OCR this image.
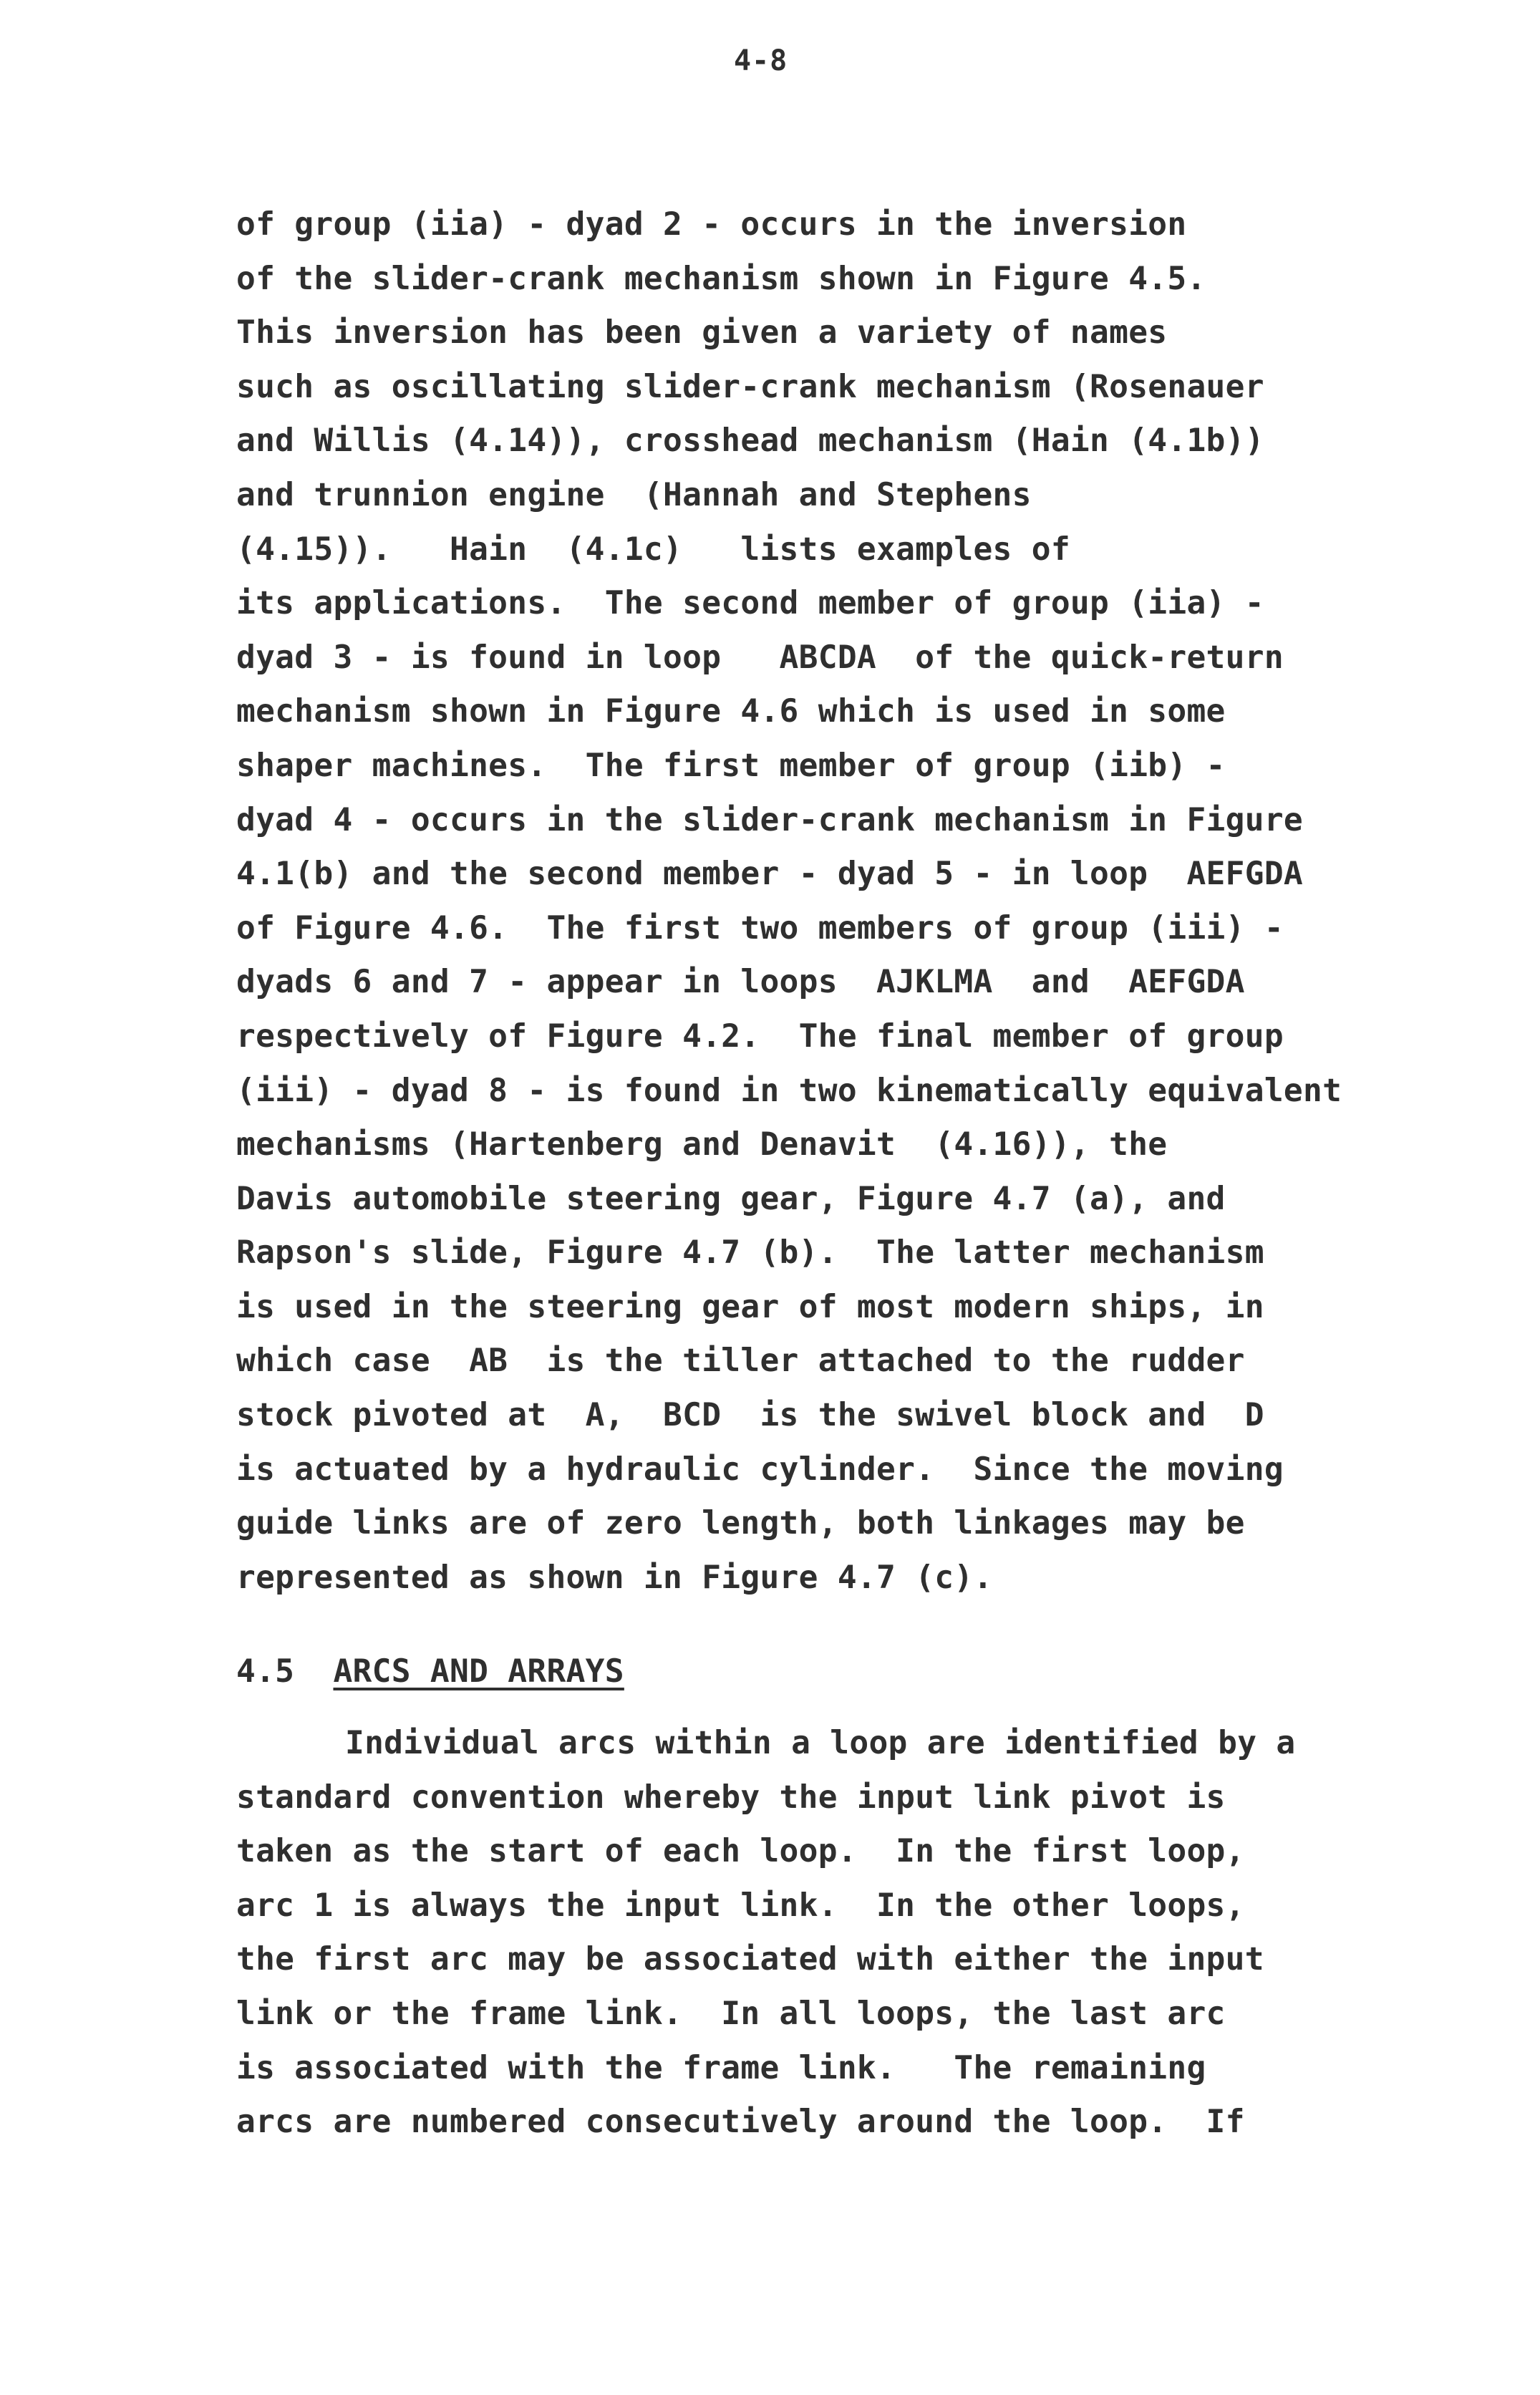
4-8
of group (iia) - dyad 2 - occurs in the inversion
of the slider-crank mechanism shown in Figure 4.5.
This inversion has been given a variety of names
such as oscillating slider-crank mechanism (Rosenauer
and Willis (4.14)), crosshead mechanism (Hain (4.1b))
and trunnion engine  (Hannah and Stephens
(4.15)).   Hain  (4.1c)   lists examples of
its applications.  The second member of group (iia) -
dyad 3 - is found in loop   ABCDA  of the quick-return
mechanism shown in Figure 4.6 which is used in some
shaper machines.  The first member of group (iib) -
dyad 4 - occurs in the slider-crank mechanism in Figure
4.1(b) and the second member - dyad 5 - in loop  AEFGDA
of Figure 4.6.  The first two members of group (iii) -
dyads 6 and 7 - appear in loops  AJKLMA  and  AEFGDA
respectively of Figure 4.2.  The final member of group
(iii) - dyad 8 - is found in two kinematically equivalent
mechanisms (Hartenberg and Denavit  (4.16)), the
Davis automobile steering gear, Figure 4.7 (a), and
Rapson's slide, Figure 4.7 (b).  The latter mechanism
is used in the steering gear of most modern ships, in
which case  AB  is the tiller attached to the rudder
stock pivoted at  A,  BCD  is the swivel block and  D
is actuated by a hydraulic cylinder.  Since the moving
guide links are of zero length, both linkages may be
represented as shown in Figure 4.7 (c).
4.5 ARCS AND ARRAYS
Individual arcs within a loop are identified by a
standard convention whereby the input link pivot is
taken as the start of each loop.  In the first loop,
arc 1 is always the input link.  In the other loops,
the first arc may be associated with either the input
link or the frame link.  In all loops, the last arc
is associated with the frame link.   The remaining
arcs are numbered consecutively around the loop.  If
